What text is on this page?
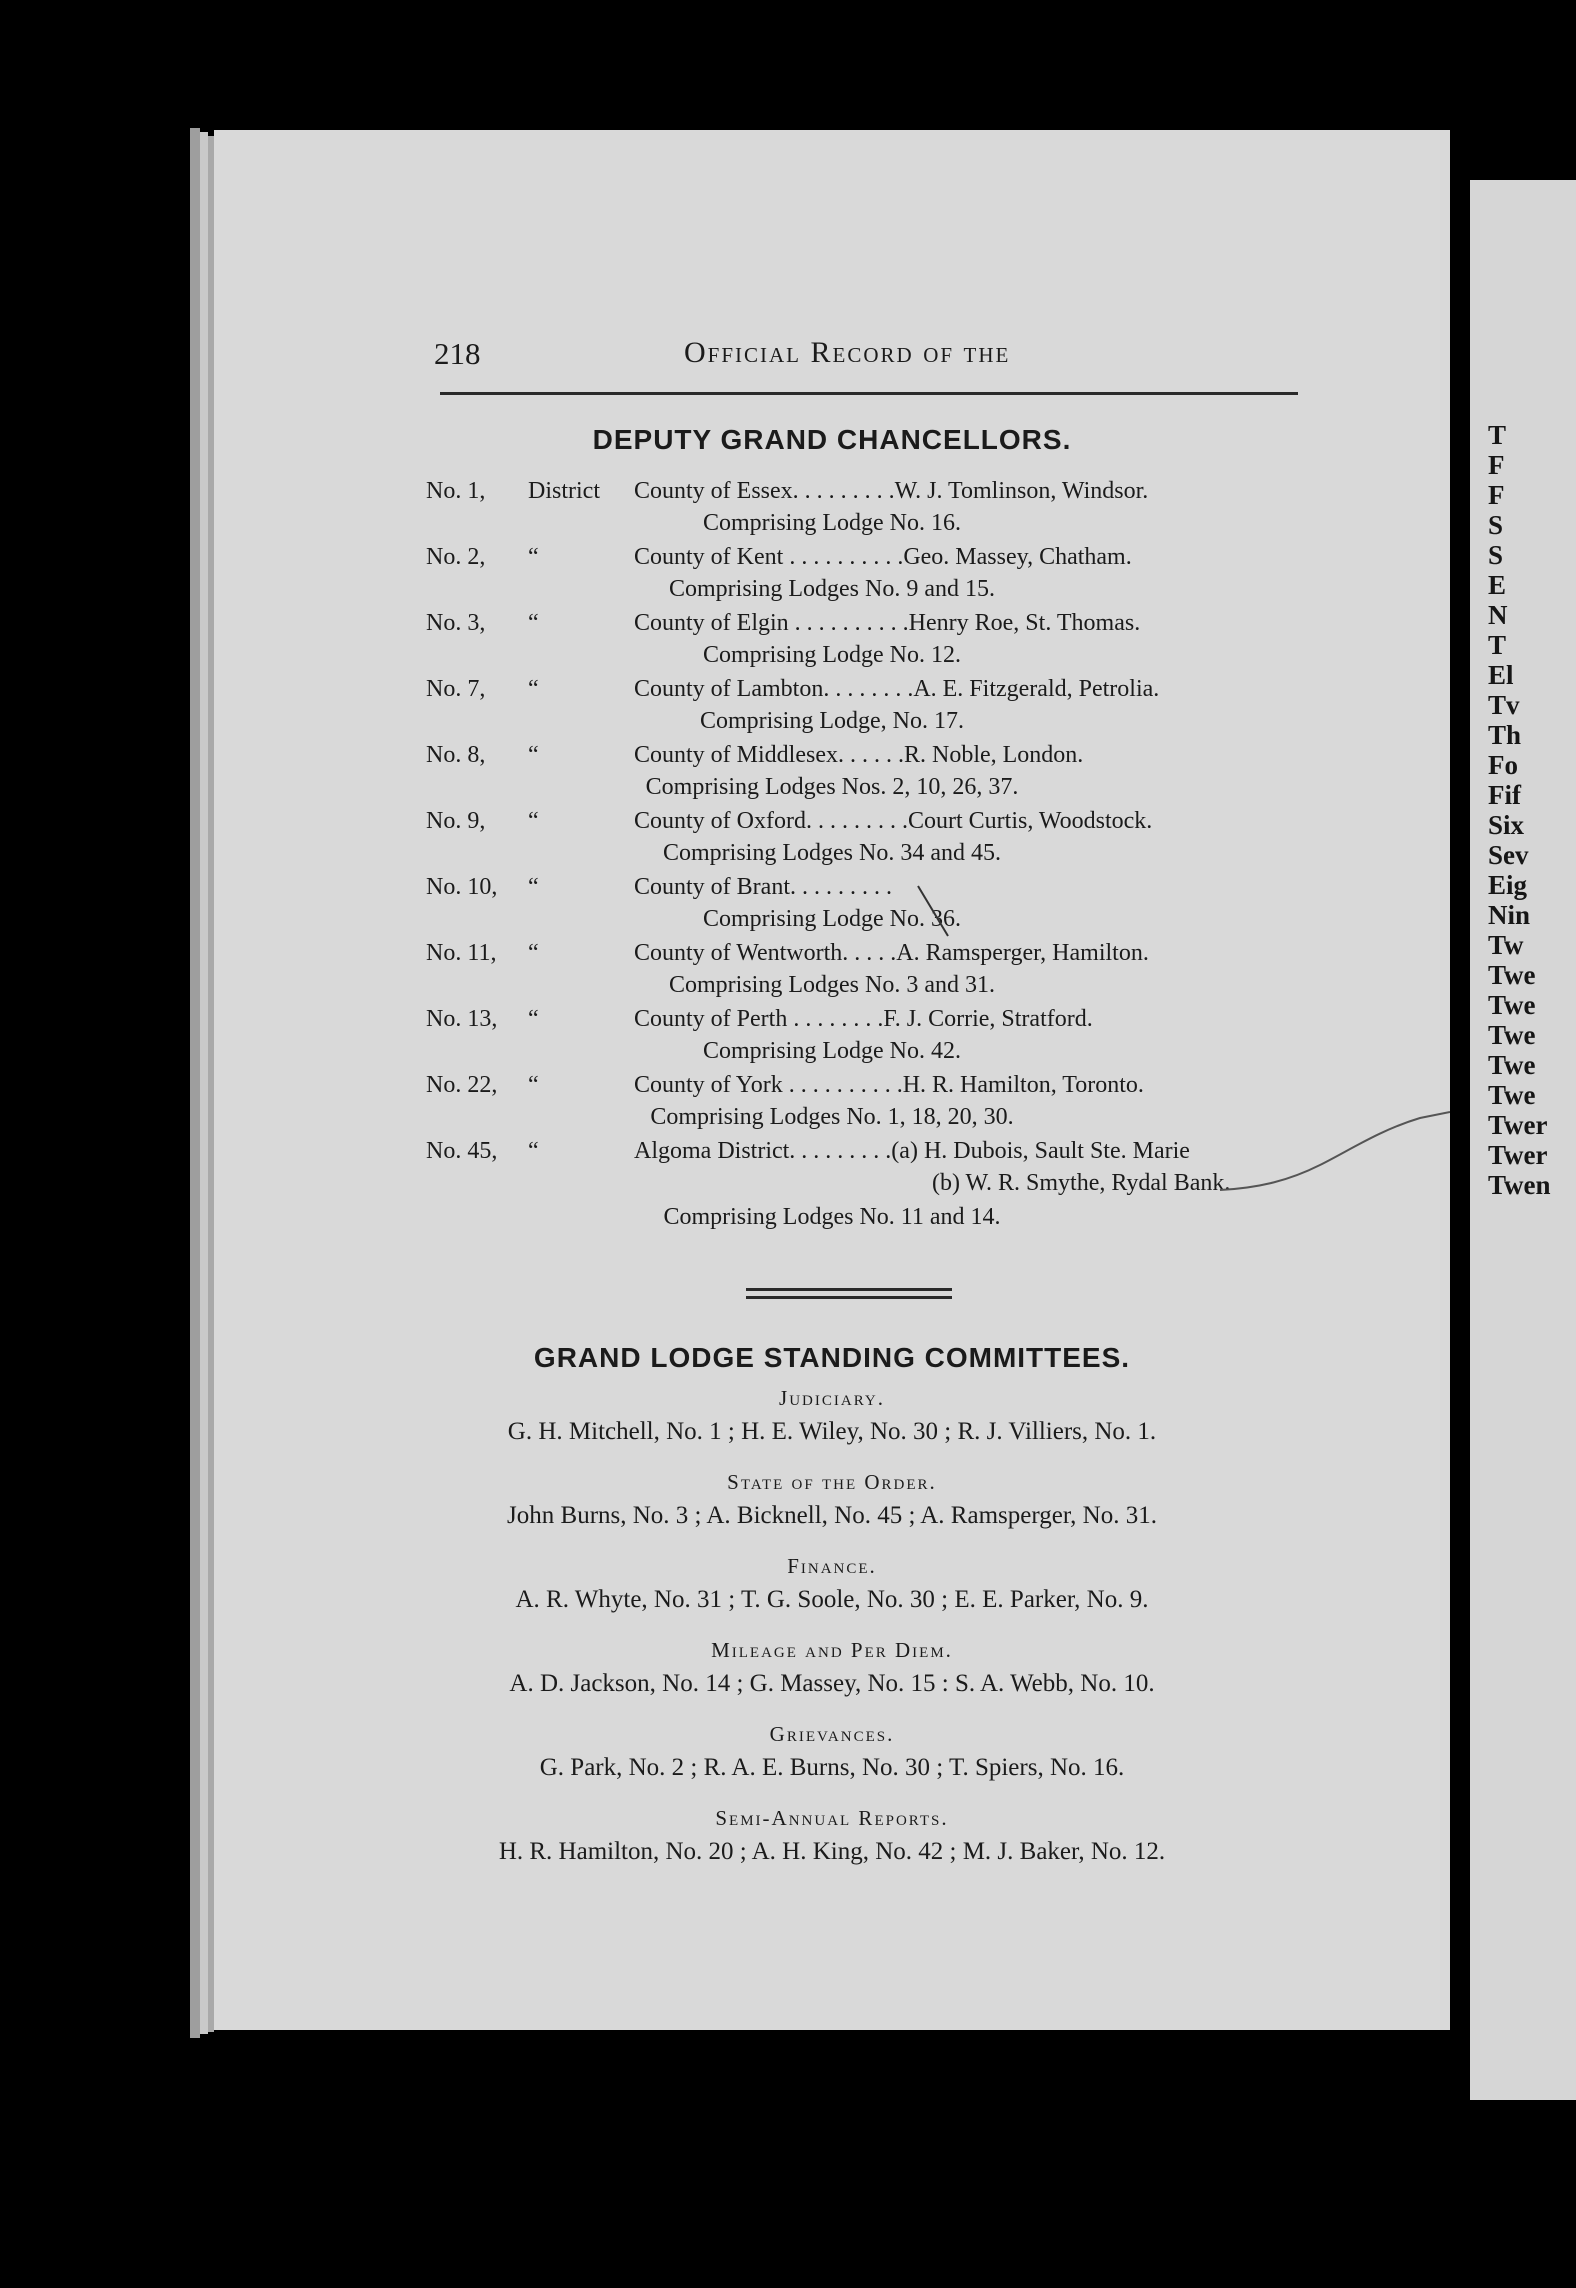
218	Official Record of the
DEPUTY GRAND CHANCELLORS.
No. 1, District County of Essex. . . . . . . . .W. J. Tomlinson, Windsor.
Comprising Lodge No. 16.
No. 2, “	County of Kent . . . . . . . . . .Geo. Massey, Chatham.
Comprising Lodges No. 9 and 15.
No. 3, “	County of Elgin . . . . . . . . . .Henry Roe, St. Thomas.
Comprising Lodge No. 12.
No. 7, “	County of Lambton. . . . . . . .A. E. Fitzgerald, Petrolia.
Comprising Lodge, No. 17.
No. 8, “	County of Middlesex. . . . . .R. Noble, London.
Comprising Lodges Nos. 2, 10, 26, 37.
No. 9, “	County of Oxford. . . . . . . . .Court Curtis, Woodstock.
Comprising Lodges No. 34 and 45.
No. 10, “	County of Brant. . . . . . . . .
Comprising Lodge No. 36.
No. 11, “	County of Wentworth. . . . .A. Ramsperger, Hamilton.
Comprising Lodges No. 3 and 31.
No. 13, “	County of Perth . . . . . . . .F. J. Corrie, Stratford.
Comprising Lodge No. 42.
No. 22, “	County of York . . . . . . . . . .H. R. Hamilton, Toronto.
Comprising Lodges No. 1, 18, 20, 30.
No. 45, “	Algoma District. . . . . . . . .(a) H. Dubois, Sault Ste. Marie
(b) W. R. Smythe, Rydal Bank.
Comprising Lodges No. 11 and 14.
GRAND LODGE STANDING COMMITTEES.
Judiciary.
G. H. Mitchell, No. 1 ; H. E. Wiley, No. 30 ; R. J. Villiers, No. 1.
State of the Order.
John Burns, No. 3 ; A. Bicknell, No. 45 ; A. Ramsperger, No. 31.
Finance.
A. R. Whyte, No. 31 ; T. G. Soole, No. 30 ; E. E. Parker, No. 9.
Mileage and Per Diem.
A. D. Jackson, No. 14 ; G. Massey, No. 15 : S. A. Webb, No. 10.
Grievances.
G. Park, No. 2 ; R. A. E. Burns, No. 30 ; T. Spiers, No. 16.
Semi-Annual Reports.
H. R. Hamilton, No. 20 ; A. H. King, No. 42 ; M. J. Baker, No. 12.
T
F
F
S
S
E
N
T
El
Tv
Th
Fo
Fif
Six
Sev
Eig
Nin
Tw
Twe
Twe
Twe
Twe
Twe
Twer
Twer
Twen
